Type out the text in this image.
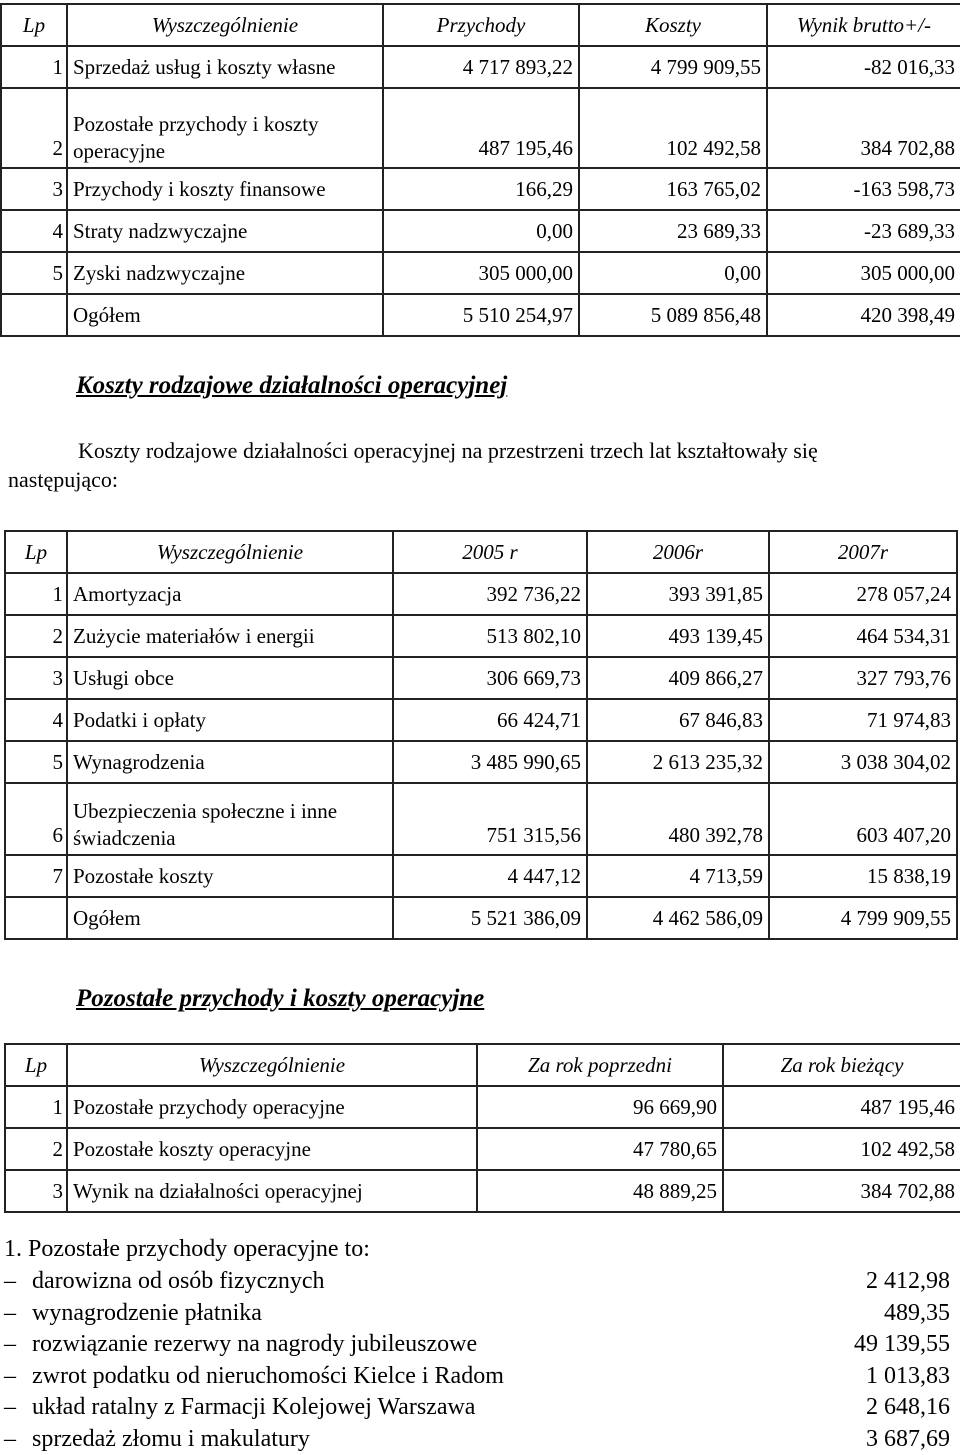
Lp	Wyszczególnienie	Przychody	Koszty	Wynik brutto+/-
1	Sprzedaż usług i koszty własne	4 717 893,22	4 799 909,55	-82 016,33
2	Pozostałe przychody i koszty operacyjne	487 195,46	102 492,58	384 702,88
3	Przychody i koszty finansowe	166,29	163 765,02	-163 598,73
4	Straty nadzwyczajne	0,00	23 689,33	-23 689,33
5	Zyski nadzwyczajne	305 000,00	0,00	305 000,00
	Ogółem	5 510 254,97	5 089 856,48	420 398,49
Koszty rodzajowe działalności operacyjnej

Koszty rodzajowe działalności operacyjnej na przestrzeni trzech lat kształtowały się następująco:

Lp	Wyszczególnienie	2005 r	2006r	2007r
1	Amortyzacja	392 736,22	393 391,85	278 057,24
2	Zużycie materiałów i energii	513 802,10	493 139,45	464 534,31
3	Usługi obce	306 669,73	409 866,27	327 793,76
4	Podatki i opłaty	66 424,71	67 846,83	71 974,83
5	Wynagrodzenia	3 485 990,65	2 613 235,32	3 038 304,02
6	Ubezpieczenia społeczne i inne świadczenia	751 315,56	480 392,78	603 407,20
7	Pozostałe koszty	4 447,12	4 713,59	15 838,19
	Ogółem	5 521 386,09	4 462 586,09	4 799 909,55
Pozostałe przychody i koszty operacyjne
Lp	Wyszczególnienie	Za rok poprzedni	Za rok bieżący
1	Pozostałe przychody operacyjne	96 669,90	487 195,46
2	Pozostałe koszty operacyjne	47 780,65	102 492,58
3	Wynik na działalności operacyjnej	48 889,25	384 702,88

1. Pozostałe przychody operacyjne to:

– darowizna od osób fizycznych	2 412,98
– wynagrodzenie płatnika	489,35
– rozwiązanie rezerwy na nagrody jubileuszowe	49 139,55
– zwrot podatku od nieruchomości Kielce i Radom	1 013,83
– układ ratalny z Farmacji Kolejowej Warszawa	2 648,16
– sprzedaż złomu i makulatury	3 687,69
